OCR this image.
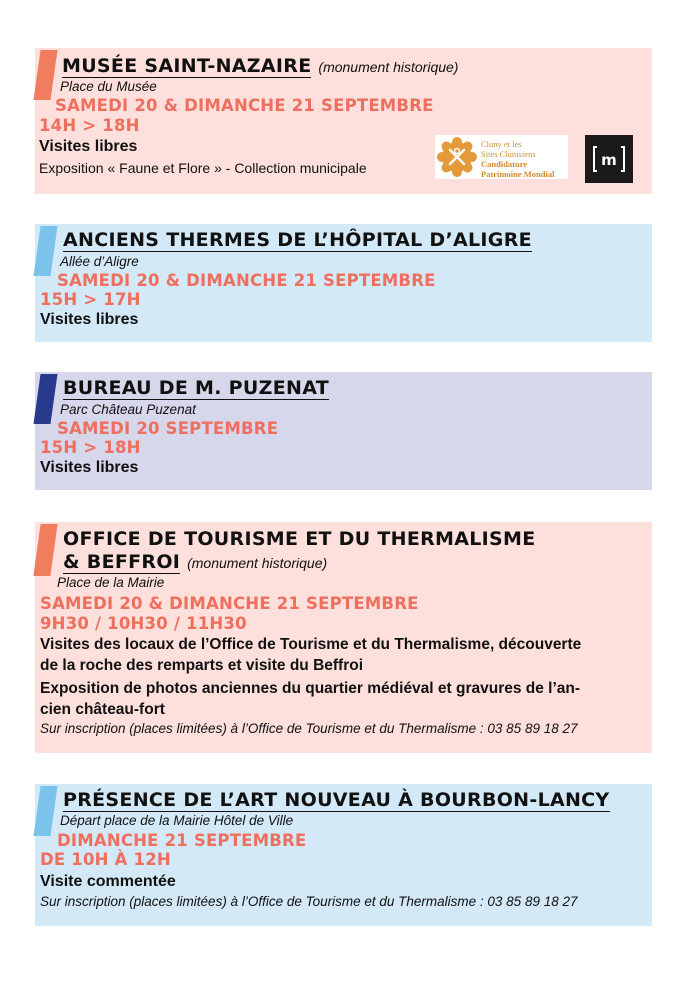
MUSÉE SAINT-NAZAIRE (monument historique)
Place du Musée
SAMEDI 20 & DIMANCHE 21 SEPTEMBRE
14H > 18H
Visites libres
Exposition « Faune et Flore » - Collection municipale
Cluny et les
Sites Clunisiens
Candidature
Patrimoine Mondial
m
ANCIENS THERMES DE L’HÔPITAL D’ALIGRE
Allée d’Aligre
SAMEDI 20 & DIMANCHE 21 SEPTEMBRE
15H > 17H
Visites libres
BUREAU DE M. PUZENAT
Parc Château Puzenat
SAMEDI 20 SEPTEMBRE
15H > 18H
Visites libres
OFFICE DE TOURISME ET DU THERMALISME
& BEFFROI (monument historique)
Place de la Mairie
SAMEDI 20 & DIMANCHE 21 SEPTEMBRE
9H30 / 10H30 / 11H30
Visites des locaux de l’Office de Tourisme et du Thermalisme, découverte
de la roche des remparts et visite du Beffroi
Exposition de photos anciennes du quartier médiéval et gravures de l’an-
cien château-fort
Sur inscription (places limitées) à l’Office de Tourisme et du Thermalisme : 03 85 89 18 27
PRÉSENCE DE L’ART NOUVEAU À BOURBON-LANCY
Départ place de la Mairie Hôtel de Ville
DIMANCHE 21 SEPTEMBRE
DE 10H À 12H
Visite commentée
Sur inscription (places limitées) à l’Office de Tourisme et du Thermalisme : 03 85 89 18 27
